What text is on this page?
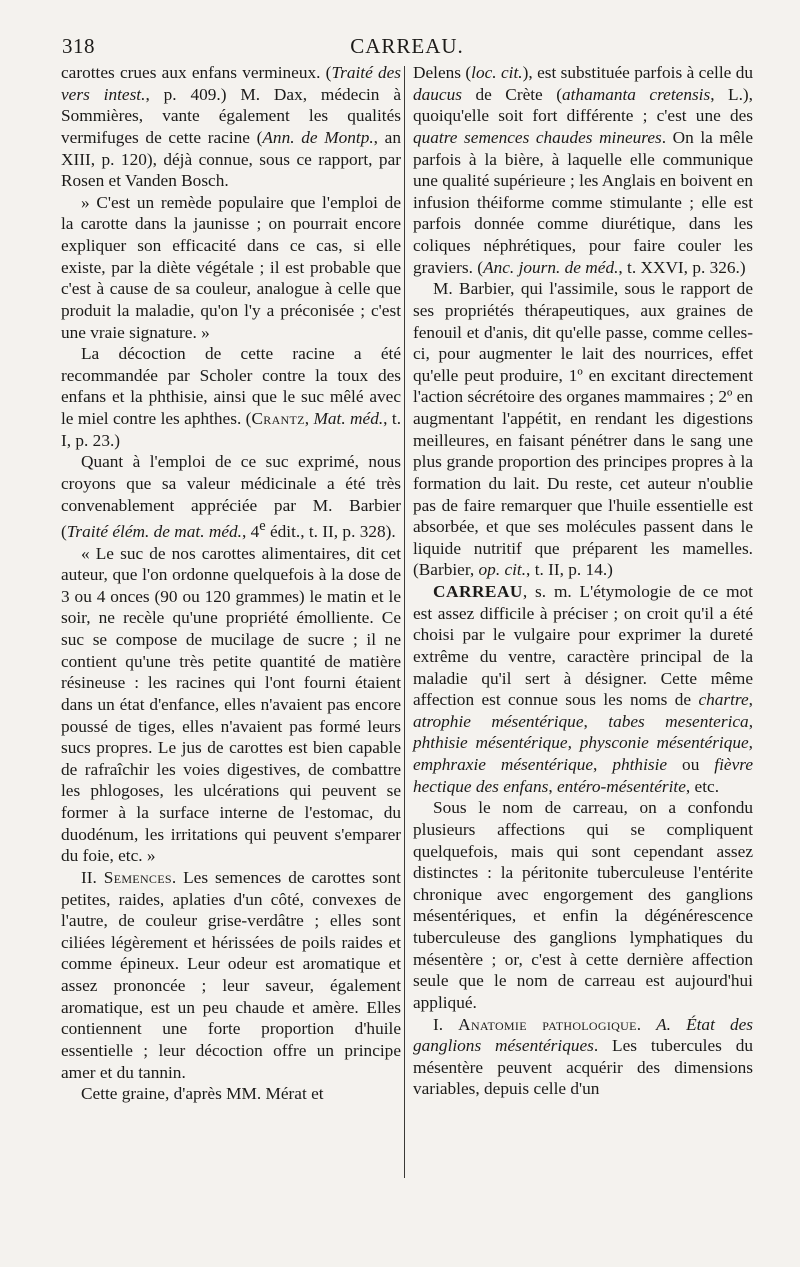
318	CARREAU.

carottes crues aux enfans vermineux. (Traité des vers intest., p. 409.) M. Dax, médecin à Sommières, vante également les qualités vermifuges de cette racine (Ann. de Montp., an XIII, p. 120), déjà connue, sous ce rapport, par Rosen et Vanden Bosch.

» C'est un remède populaire que l'emploi de la carotte dans la jaunisse ; on pourrait encore expliquer son efficacité dans ce cas, si elle existe, par la diète végétale ; il est probable que c'est à cause de sa couleur, analogue à celle que produit la maladie, qu'on l'y a préconisée ; c'est une vraie signature. »

La décoction de cette racine a été recommandée par Scholer contre la toux des enfans et la phthisie, ainsi que le suc mêlé avec le miel contre les aphthes. (Crantz, Mat. méd., t. I, p. 23.)

Quant à l'emploi de ce suc exprimé, nous croyons que sa valeur médicinale a été très convenablement appréciée par M. Barbier (Traité élém. de mat. méd., 4e édit., t. II, p. 328).

« Le suc de nos carottes alimentaires, dit cet auteur, que l'on ordonne quelquefois à la dose de 3 ou 4 onces (90 ou 120 grammes) le matin et le soir, ne recèle qu'une propriété émolliente. Ce suc se compose de mucilage de sucre ; il ne contient qu'une très petite quantité de matière résineuse : les racines qui l'ont fourni étaient dans un état d'enfance, elles n'avaient pas encore poussé de tiges, elles n'avaient pas formé leurs sucs propres. Le jus de carottes est bien capable de rafraîchir les voies digestives, de combattre les phlogoses, les ulcérations qui peuvent se former à la surface interne de l'estomac, du duodénum, les irritations qui peuvent s'emparer du foie, etc. »

II. Semences. Les semences de carottes sont petites, raides, aplaties d'un côté, convexes de l'autre, de couleur grise-verdâtre ; elles sont ciliées légèrement et hérissées de poils raides et comme épineux. Leur odeur est aromatique et assez prononcée ; leur saveur, également aromatique, est un peu chaude et amère. Elles contiennent une forte proportion d'huile essentielle ; leur décoction offre un principe amer et du tannin.

Cette graine, d'après MM. Mérat et

Delens (loc. cit.), est substituée parfois à celle du daucus de Crète (athamanta cretensis, L.), quoiqu'elle soit fort différente ; c'est une des quatre semences chaudes mineures. On la mêle parfois à la bière, à laquelle elle communique une qualité supérieure ; les Anglais en boivent en infusion théiforme comme stimulante ; elle est parfois donnée comme diurétique, dans les coliques néphrétiques, pour faire couler les graviers. (Anc. journ. de méd., t. XXVI, p. 326.)

M. Barbier, qui l'assimile, sous le rapport de ses propriétés thérapeutiques, aux graines de fenouil et d'anis, dit qu'elle passe, comme celles-ci, pour augmenter le lait des nourrices, effet qu'elle peut produire, 1º en excitant directement l'action sécrétoire des organes mammaires ; 2º en augmentant l'appétit, en rendant les digestions meilleures, en faisant pénétrer dans le sang une plus grande proportion des principes propres à la formation du lait. Du reste, cet auteur n'oublie pas de faire remarquer que l'huile essentielle est absorbée, et que ses molécules passent dans le liquide nutritif que préparent les mamelles. (Barbier, op. cit., t. II, p. 14.)

CARREAU, s. m. L'étymologie de ce mot est assez difficile à préciser ; on croit qu'il a été choisi par le vulgaire pour exprimer la dureté extrême du ventre, caractère principal de la maladie qu'il sert à désigner. Cette même affection est connue sous les noms de chartre, atrophie mésentérique, tabes mesenterica, phthisie mésentérique, physconie mésentérique, emphraxie mésentérique, phthisie ou fièvre hectique des enfans, entéro-mésentérite, etc.

Sous le nom de carreau, on a confondu plusieurs affections qui se compliquent quelquefois, mais qui sont cependant assez distinctes : la péritonite tuberculeuse l'entérite chronique avec engorgement des ganglions mésentériques, et enfin la dégénérescence tuberculeuse des ganglions lymphatiques du mésentère ; or, c'est à cette dernière affection seule que le nom de carreau est aujourd'hui appliqué.

I. Anatomie pathologique. A. État des ganglions mésentériques. Les tubercules du mésentère peuvent acquérir des dimensions variables, depuis celle d'un
